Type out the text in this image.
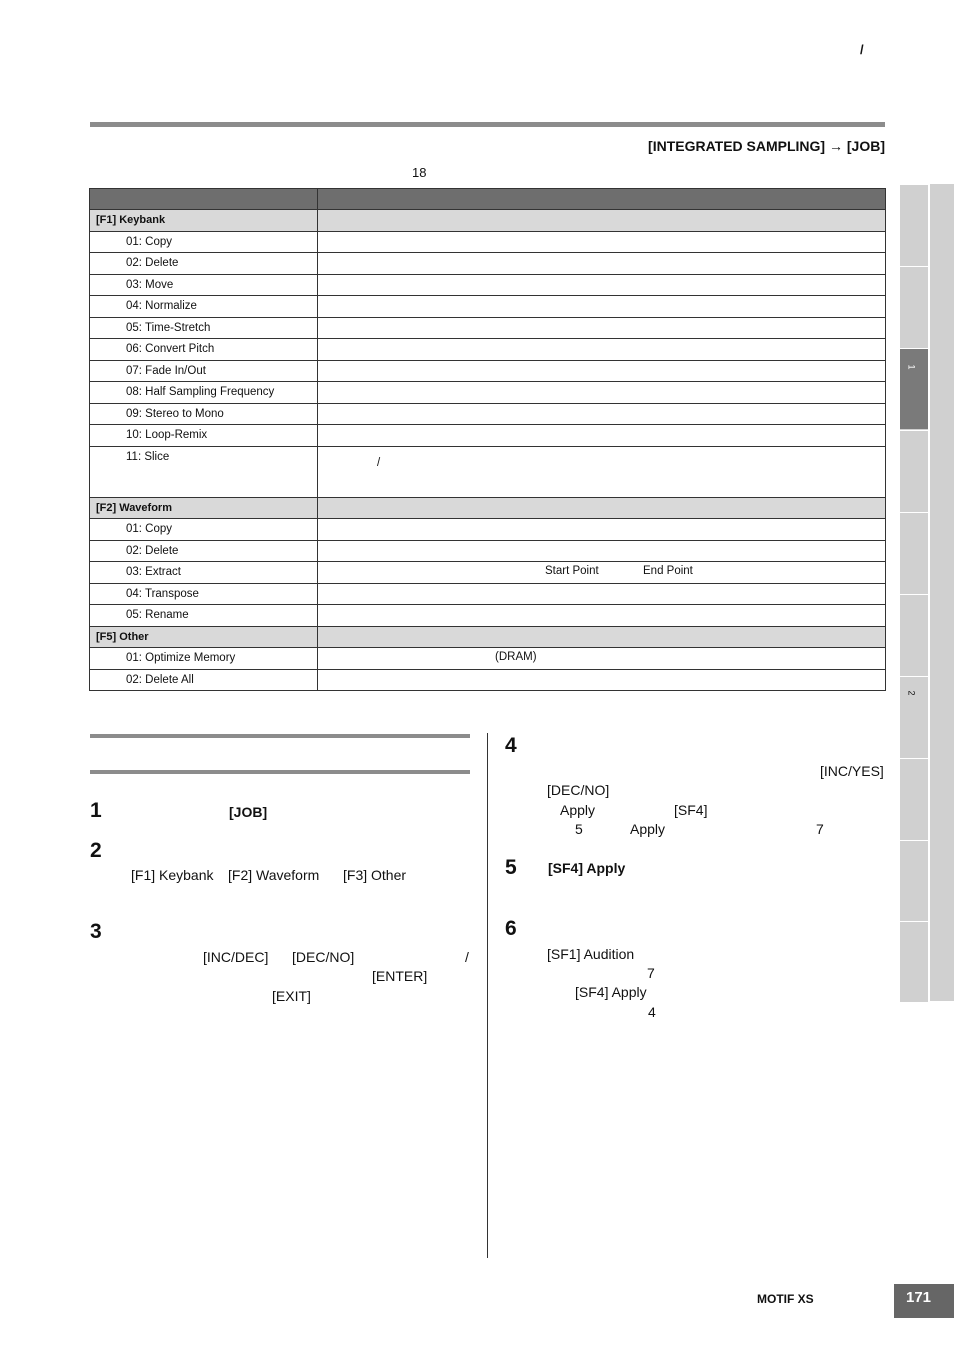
/
[INTEGRATED SAMPLING] → [JOB]
18

[F1] Keybank	
01: Copy	
02: Delete	
03: Move	
04: Normalize	
05: Time-Stretch	
06: Convert Pitch	
07: Fade In/Out	
08: Half Sampling Frequency	
09: Stereo to Mono	
10: Loop-Remix	
11: Slice	/
[F2] Waveform	
01: Copy	
02: Delete	
03: Extract	Start Point End Point

04: Transpose	
05: Rename	
[F5] Other	
01: Optimize Memory	(DRAM)

02: Delete All	
1	[JOB]
2
[F1] Keybank [F2] Waveform [F3] Other
3
[INC/DEC] [DEC/NO]	/
[ENTER]
[EXIT]
4
[INC/YES]
[DEC/NO]
Apply	[SF4]
5	Apply	7
5 [SF4] Apply
6
[SF1] Audition
7
[SF4] Apply
4
1
2
MOTIF XS	171
